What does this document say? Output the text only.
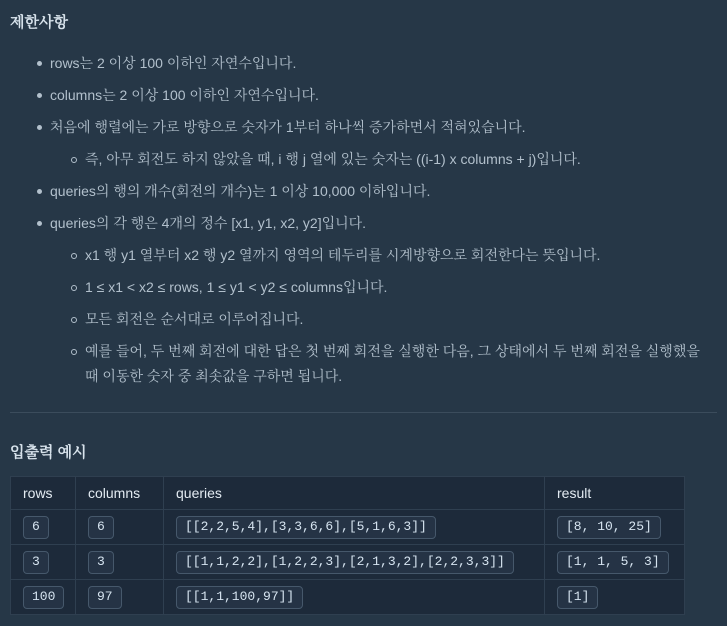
제한사항
rows는 2 이상 100 이하인 자연수입니다.
columns는 2 이상 100 이하인 자연수입니다.
처음에 행렬에는 가로 방향으로 숫자가 1부터 하나씩 증가하면서 적혀있습니다.
즉, 아무 회전도 하지 않았을 때, i 행 j 열에 있는 숫자는 ((i-1) x columns + j)입니다.
queries의 행의 개수(회전의 개수)는 1 이상 10,000 이하입니다.
queries의 각 행은 4개의 정수 [x1, y1, x2, y2]입니다.
x1 행 y1 열부터 x2 행 y2 열까지 영역의 테두리를 시계방향으로 회전한다는 뜻입니다.
1 ≤ x1 < x2 ≤ rows, 1 ≤ y1 < y2 ≤ columns입니다.
모든 회전은 순서대로 이루어집니다.
예를 들어, 두 번째 회전에 대한 답은 첫 번째 회전을 실행한 다음, 그 상태에서 두 번째 회전을 실행했을 때 이동한 숫자 중 최솟값을 구하면 됩니다.
입출력 예시
rows	columns	queries	result
6	6	[[2,2,5,4],[3,3,6,6],[5,1,6,3]]	[8, 10, 25]
3	3	[[1,1,2,2],[1,2,2,3],[2,1,3,2],[2,2,3,3]]	[1, 1, 5, 3]
100	97	[[1,1,100,97]]	[1]
